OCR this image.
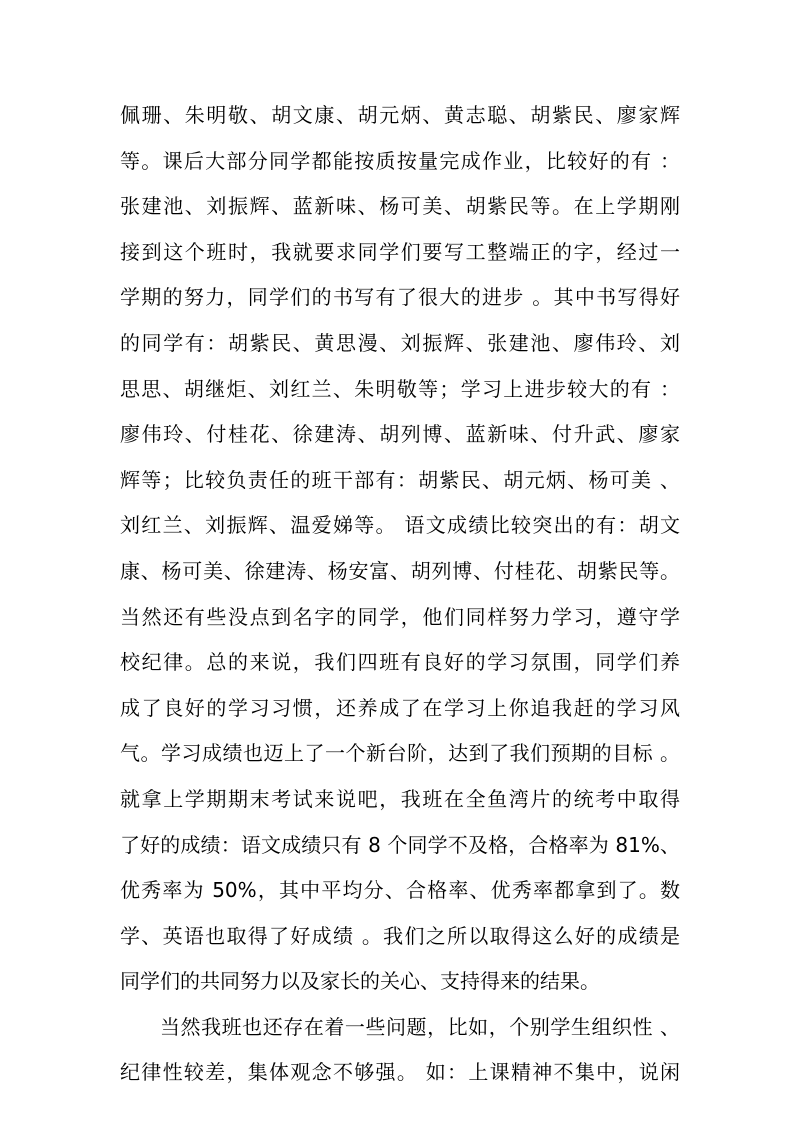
佩珊、朱明敬、胡文康、胡元炳、黄志聪、胡紫民、廖家辉
等。课后大部分同学都能按质按量完成作业，比较好的有 ：
张建池、刘振辉、蓝新味、杨可美、胡紫民等。在上学期刚
接到这个班时，我就要求同学们要写工整端正的字，经过一
学期的努力，同学们的书写有了很大的进步 。其中书写得好
的同学有：胡紫民、黄思漫、刘振辉、张建池、廖伟玲、刘
思思、胡继炬、刘红兰、朱明敬等；学习上进步较大的有 ：
廖伟玲、付桂花、徐建涛、胡列博、蓝新味、付升武、廖家
辉等；比较负责任的班干部有：胡紫民、胡元炳、杨可美 、
刘红兰、刘振辉、温爱娣等。 语文成绩比较突出的有：胡文
康、杨可美、徐建涛、杨安富、胡列博、付桂花、胡紫民等。
当然还有些没点到名字的同学，他们同样努力学习，遵守学
校纪律。总的来说，我们四班有良好的学习氛围，同学们养
成了良好的学习习惯，还养成了在学习上你追我赶的学习风
气。学习成绩也迈上了一个新台阶，达到了我们预期的目标 。
就拿上学期期末考试来说吧，我班在全鱼湾片的统考中取得
了好的成绩：语文成绩只有 8 个同学不及格，合格率为 81%、
优秀率为 50%，其中平均分、合格率、优秀率都拿到了。数
学、英语也取得了好成绩 。我们之所以取得这么好的成绩是
同学们的共同努力以及家长的关心、支持得来的结果。
当然我班也还存在着一些问题，比如，个别学生组织性 、
纪律性较差，集体观念不够强。 如：上课精神不集中，说闲
